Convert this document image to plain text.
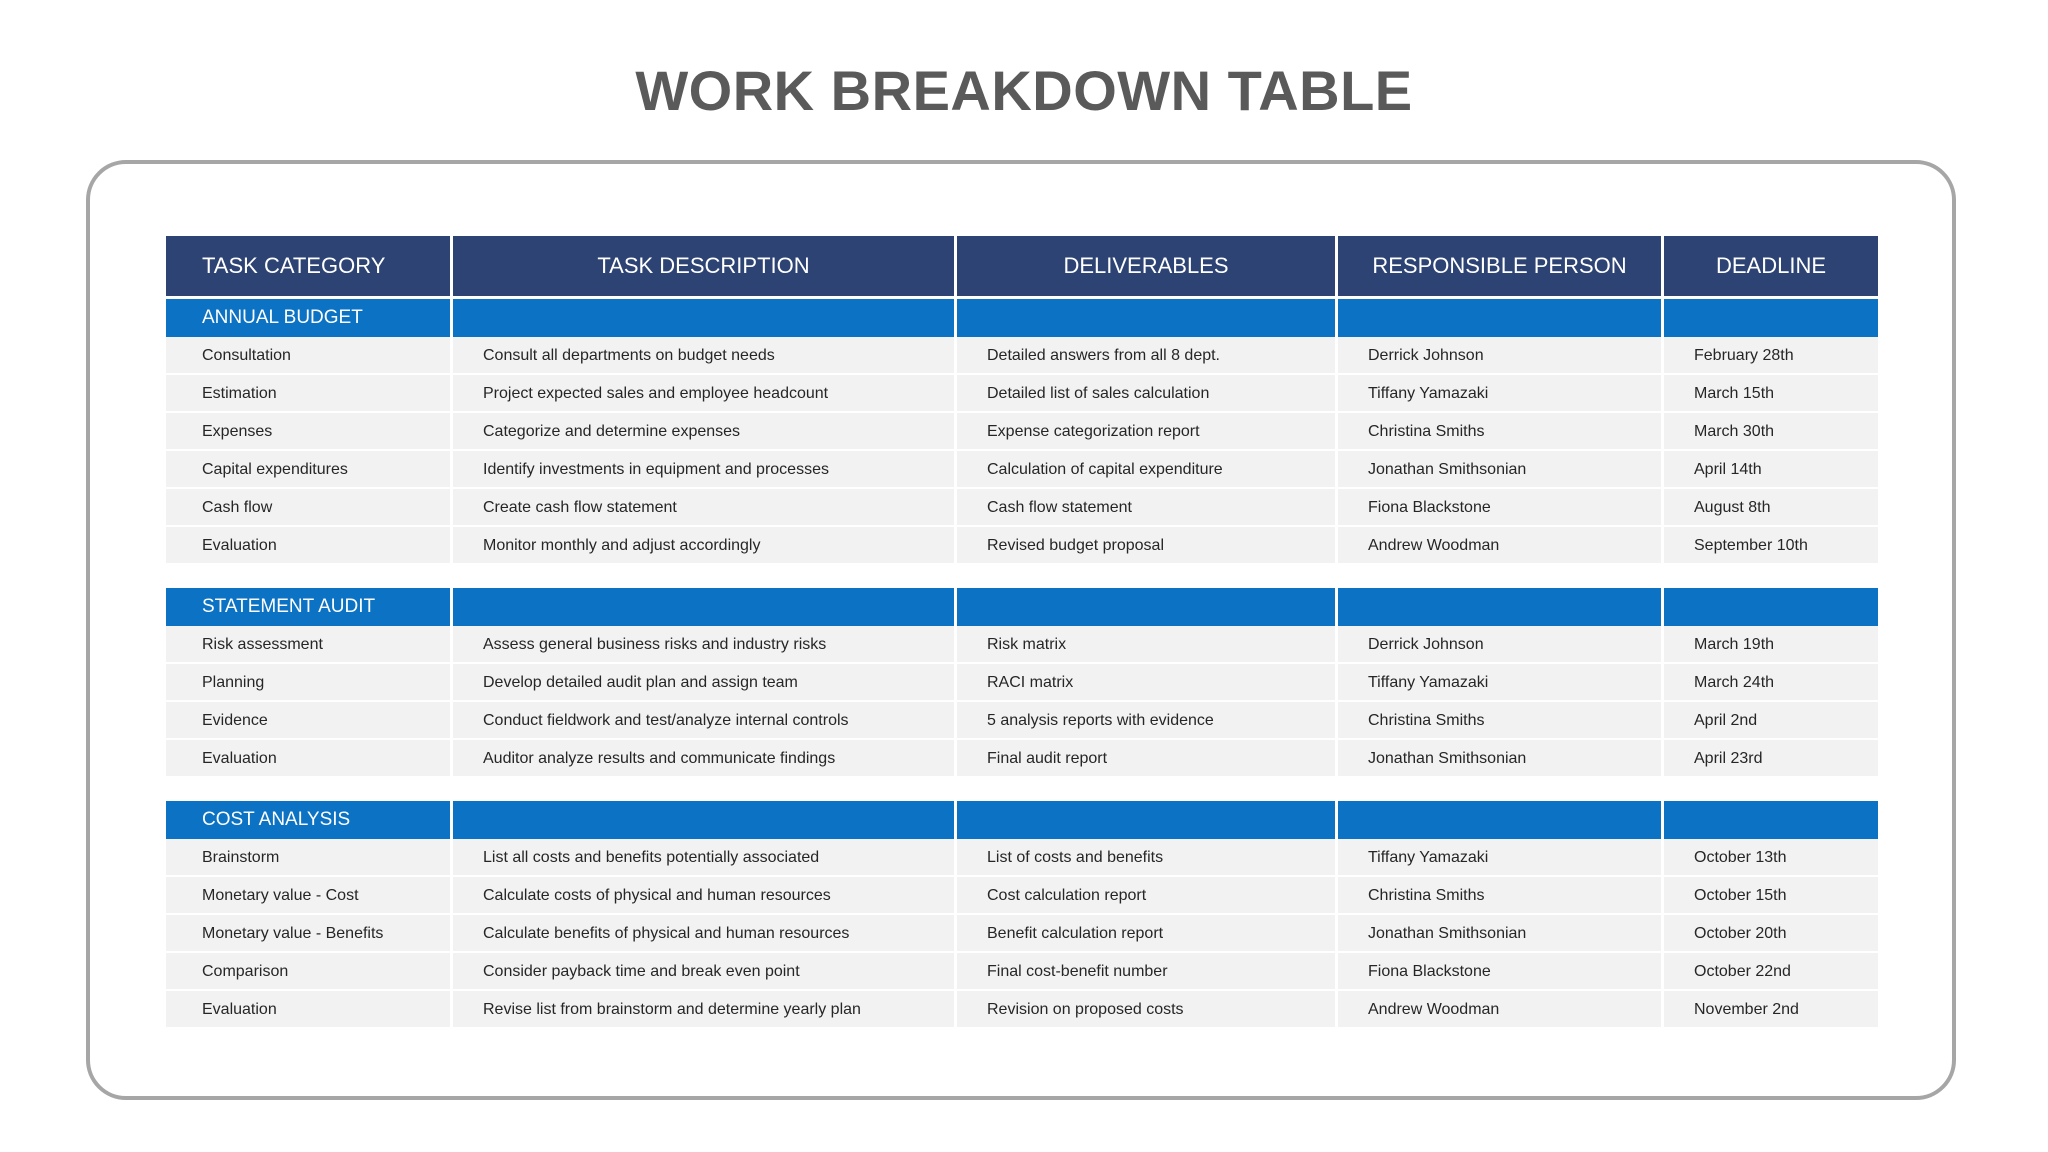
WORK BREAKDOWN TABLE
TASK CATEGORY	TASK DESCRIPTION	DELIVERABLES	RESPONSIBLE PERSON	DEADLINE
ANNUAL BUDGET
Consultation	Consult all departments on budget needs	Detailed answers from all 8 dept.	Derrick Johnson	February 28th
Estimation	Project expected sales and employee headcount	Detailed list of sales calculation	Tiffany Yamazaki	March 15th
Expenses	Categorize and determine expenses	Expense categorization report	Christina Smiths	March 30th
Capital expenditures	Identify investments in equipment and processes	Calculation of capital expenditure	Jonathan Smithsonian	April 14th
Cash flow	Create cash flow statement	Cash flow statement	Fiona Blackstone	August 8th
Evaluation	Monitor monthly and adjust accordingly	Revised budget proposal	Andrew Woodman	September 10th
STATEMENT AUDIT
Risk assessment	Assess general business risks and industry risks	Risk matrix	Derrick Johnson	March 19th
Planning	Develop detailed audit plan and assign team	RACI matrix	Tiffany Yamazaki	March 24th
Evidence	Conduct fieldwork and test/analyze internal controls	5 analysis reports with evidence	Christina Smiths	April 2nd
Evaluation	Auditor analyze results and communicate findings	Final audit report	Jonathan Smithsonian	April 23rd
COST ANALYSIS
Brainstorm	List all costs and benefits potentially associated	List of costs and benefits	Tiffany Yamazaki	October 13th
Monetary value - Cost	Calculate costs of physical and human resources	Cost calculation report	Christina Smiths	October 15th
Monetary value - Benefits	Calculate benefits of physical and human resources	Benefit calculation report	Jonathan Smithsonian	October 20th
Comparison	Consider payback time and break even point	Final cost-benefit number	Fiona Blackstone	October 22nd
Evaluation	Revise list from brainstorm and determine yearly plan	Revision on proposed costs	Andrew Woodman	November 2nd
